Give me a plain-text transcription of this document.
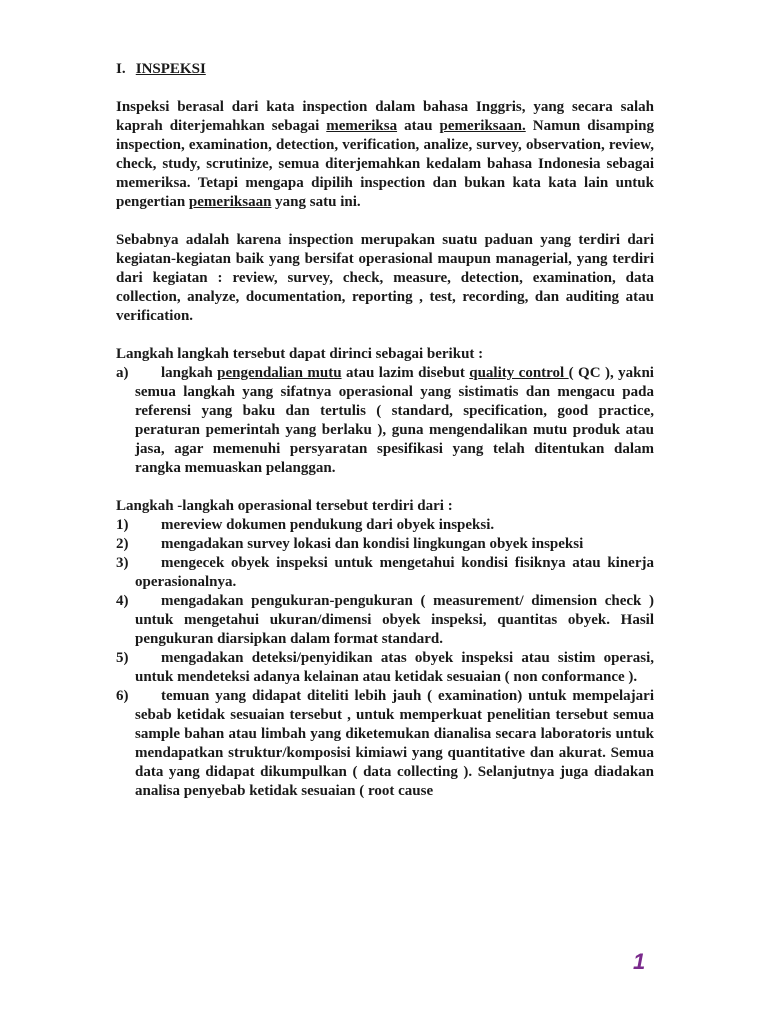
I. INSPEKSI

Inspeksi berasal dari kata inspection dalam bahasa Inggris, yang secara salah kaprah diterjemahkan sebagai memeriksa atau pemeriksaan. Namun disamping inspection, examination, detection, verification, analize, survey, observation, review, check, study, scrutinize, semua diterjemahkan kedalam bahasa Indonesia sebagai memeriksa. Tetapi mengapa dipilih inspection dan bukan kata kata lain untuk pengertian pemeriksaan yang satu ini.

Sebabnya adalah karena inspection merupakan suatu paduan yang terdiri dari kegiatan-kegiatan baik yang bersifat operasional maupun managerial, yang terdiri dari kegiatan : review, survey, check, measure, detection, examination, data collection, analyze, documentation, reporting , test, recording, dan auditing atau verification.

Langkah langkah tersebut dapat dirinci sebagai berikut :

a)	langkah pengendalian mutu atau lazim disebut quality control ( QC ), yakni semua langkah yang sifatnya operasional yang sistimatis dan mengacu pada referensi yang baku dan tertulis ( standard, specification, good practice, peraturan pemerintah yang berlaku ), guna mengendalikan mutu produk atau jasa, agar memenuhi persyaratan spesifikasi yang telah ditentukan dalam rangka memuaskan pelanggan.

Langkah -langkah operasional tersebut terdiri dari :

1)	mereview dokumen pendukung dari obyek inspeksi.
2)	mengadakan survey lokasi dan kondisi lingkungan obyek inspeksi
3)	mengecek obyek inspeksi untuk mengetahui kondisi fisiknya atau kinerja operasionalnya.
4)	mengadakan pengukuran-pengukuran ( measurement/ dimension check ) untuk mengetahui ukuran/dimensi obyek inspeksi, quantitas obyek. Hasil pengukuran diarsipkan dalam format standard.
5)	mengadakan deteksi/penyidikan atas obyek inspeksi atau sistim operasi, untuk mendeteksi adanya kelainan atau ketidak sesuaian ( non conformance ).
6)	temuan yang didapat diteliti lebih jauh ( examination) untuk mempelajari sebab ketidak sesuaian tersebut , untuk memperkuat penelitian tersebut semua sample bahan atau limbah yang diketemukan dianalisa secara laboratoris untuk mendapatkan struktur/komposisi kimiawi yang quantitative dan akurat. Semua data yang didapat dikumpulkan ( data collecting ). Selanjutnya juga diadakan analisa penyebab ketidak sesuaian ( root cause
1
